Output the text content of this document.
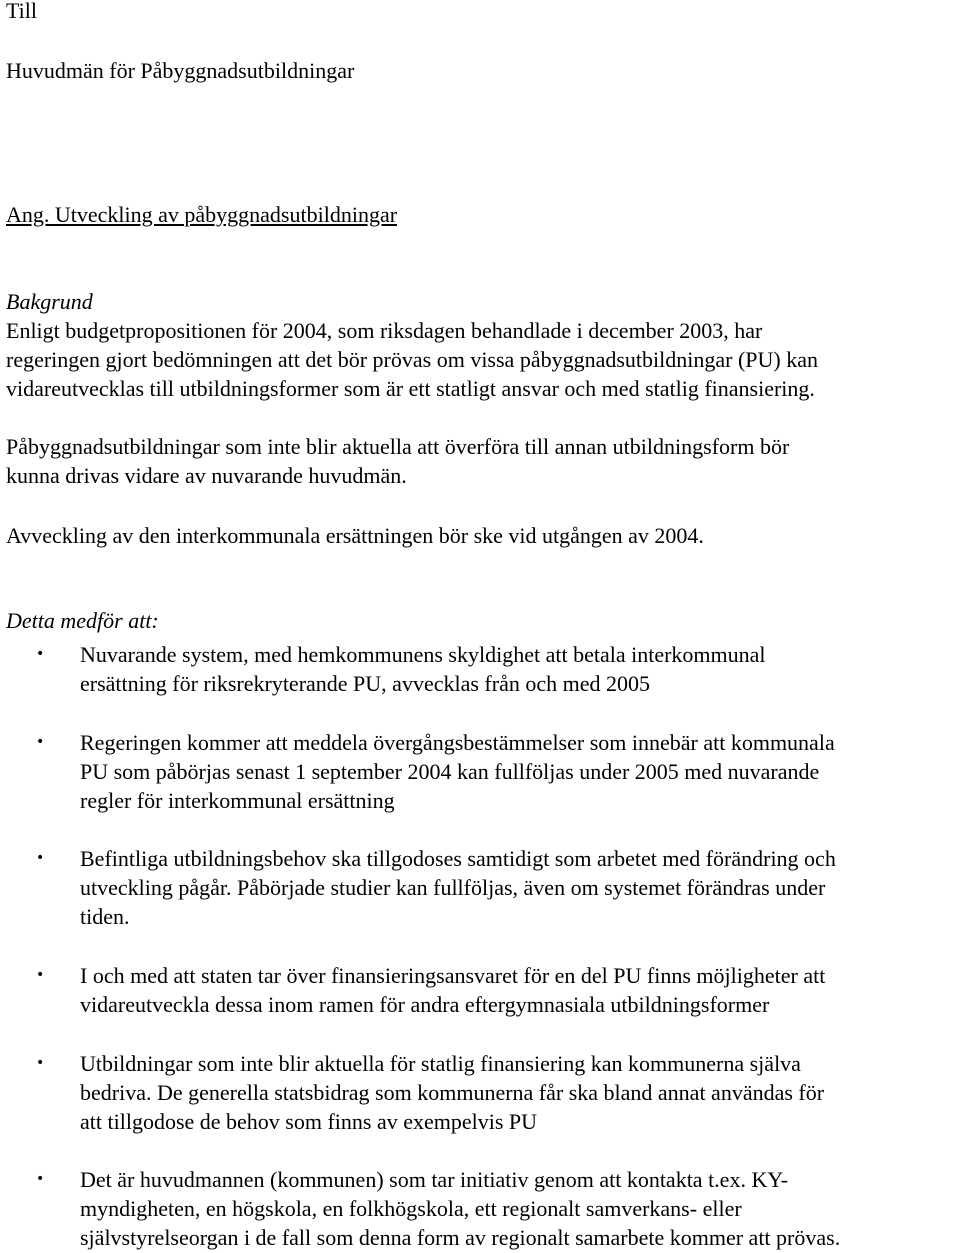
Till
Huvudmän för Påbyggnadsutbildningar
Ang. Utveckling av påbyggnadsutbildningar
Bakgrund
Enligt budgetpropositionen för 2004, som riksdagen behandlade i december 2003, har
regeringen gjort bedömningen att det bör prövas om vissa påbyggnadsutbildningar (PU) kan
vidareutvecklas till utbildningsformer som är ett statligt ansvar och med statlig finansiering.
Påbyggnadsutbildningar som inte blir aktuella att överföra till annan utbildningsform bör
kunna drivas vidare av nuvarande huvudmän.
Avveckling av den interkommunala ersättningen bör ske vid utgången av 2004.
Detta medför att:
• Nuvarande system, med hemkommunens skyldighet att betala interkommunal
ersättning för riksrekryterande PU, avvecklas från och med 2005
• Regeringen kommer att meddela övergångsbestämmelser som innebär att kommunala
PU som påbörjas senast 1 september 2004 kan fullföljas under 2005 med nuvarande
regler för interkommunal ersättning
• Befintliga utbildningsbehov ska tillgodoses samtidigt som arbetet med förändring och
utveckling pågår. Påbörjade studier kan fullföljas, även om systemet förändras under
tiden.
• I och med att staten tar över finansieringsansvaret för en del PU finns möjligheter att
vidareutveckla dessa inom ramen för andra eftergymnasiala utbildningsformer
• Utbildningar som inte blir aktuella för statlig finansiering kan kommunerna själva
bedriva. De generella statsbidrag som kommunerna får ska bland annat användas för
att tillgodose de behov som finns av exempelvis PU
• Det är huvudmannen (kommunen) som tar initiativ genom att kontakta t.ex. KY-
myndigheten, en högskola, en folkhögskola, ett regionalt samverkans- eller
självstyrelseorgan i de fall som denna form av regionalt samarbete kommer att prövas.
